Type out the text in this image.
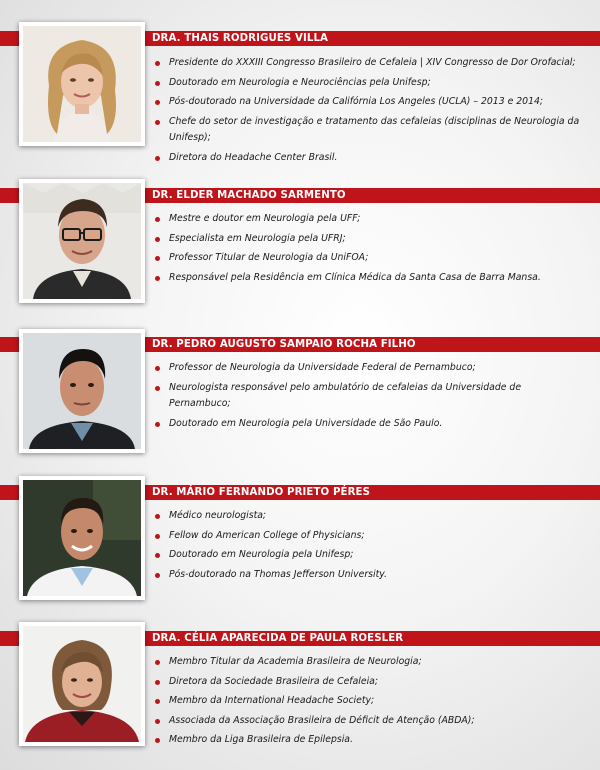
DRA. THAIS RODRIGUES VILLA
Presidente do XXXIII Congresso Brasileiro de Cefaleia | XIV Congresso de Dor Orofacial;
Doutorado em Neurologia e Neurociências pela Unifesp;
Pós-doutorado na Universidade da Califórnia Los Angeles (UCLA) – 2013 e 2014;
Chefe do setor de investigação e tratamento das cefaleias (disciplinas de Neurologia da Unifesp);
Diretora do Headache Center Brasil.
DR. ELDER MACHADO SARMENTO
Mestre e doutor em Neurologia pela UFF;
Especialista em Neurologia pela UFRJ;
Professor Titular de Neurologia da UniFOA;
Responsável pela Residência em Clínica Médica da Santa Casa de Barra Mansa.
DR. PEDRO AUGUSTO SAMPAIO ROCHA FILHO
Professor de Neurologia da Universidade Federal de Pernambuco;
Neurologista responsável pelo ambulatório de cefaleias da Universidade de Pernambuco;
Doutorado em Neurologia pela Universidade de São Paulo.
DR. MÁRIO FERNANDO PRIETO PÉRES
Médico neurologista;
Fellow do American College of Physicians;
Doutorado em Neurologia pela Unifesp;
Pós-doutorado na Thomas Jefferson University.
DRA. CÉLIA APARECIDA DE PAULA ROESLER
Membro Titular da Academia Brasileira de Neurologia;
Diretora da Sociedade Brasileira de Cefaleia;
Membro da International Headache Society;
Associada da Associação Brasileira de Déficit de Atenção (ABDA);
Membro da Liga Brasileira de Epilepsia.
